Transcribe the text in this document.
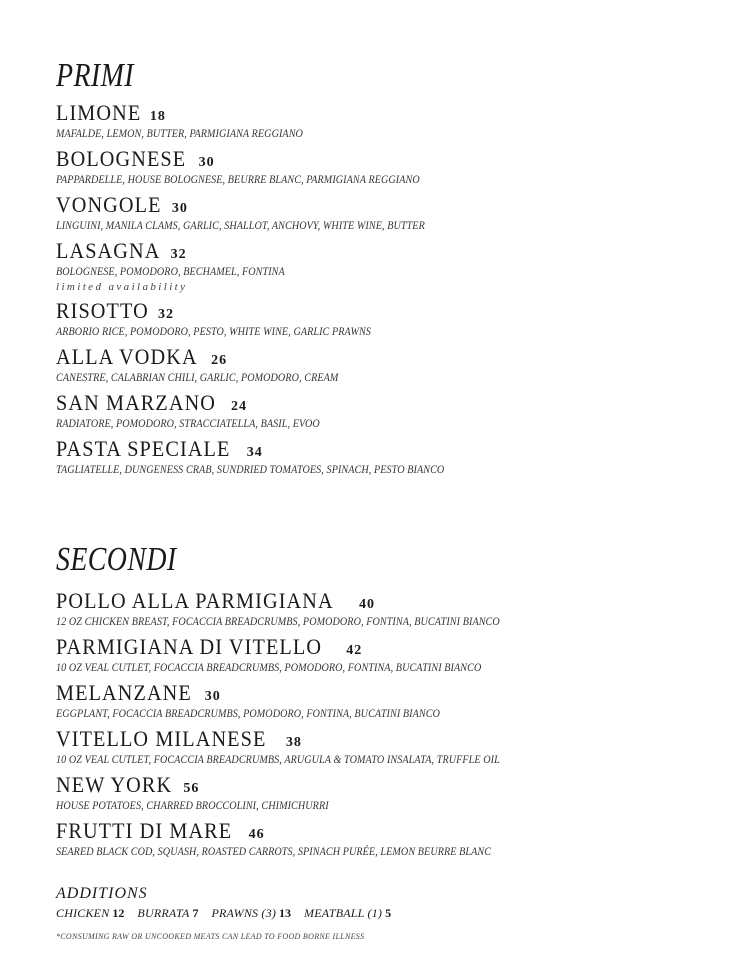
PRIMI
LIMONE 18
MAFALDE, LEMON, BUTTER, PARMIGIANA REGGIANO
BOLOGNESE 30
PAPPARDELLE, HOUSE BOLOGNESE, BEURRE BLANC, PARMIGIANA REGGIANO
VONGOLE 30
LINGUINI, MANILA CLAMS, GARLIC, SHALLOT, ANCHOVY, WHITE WINE, BUTTER
LASAGNA 32
BOLOGNESE, POMODORO, BECHAMEL, FONTINA
limited availability
RISOTTO 32
ARBORIO RICE, POMODORO, PESTO, WHITE WINE, GARLIC PRAWNS
ALLA VODKA 26
CANESTRE, CALABRIAN CHILI, GARLIC, POMODORO, CREAM
SAN MARZANO 24
RADIATORE, POMODORO, STRACCIATELLA, BASIL, EVOO
PASTA SPECIALE 34
TAGLIATELLE, DUNGENESS CRAB, SUNDRIED TOMATOES, SPINACH, PESTO BIANCO
SECONDI
POLLO ALLA PARMIGIANA 40
12 OZ CHICKEN BREAST, FOCACCIA BREADCRUMBS, POMODORO, FONTINA, BUCATINI BIANCO
PARMIGIANA DI VITELLO 42
10 OZ VEAL CUTLET, FOCACCIA BREADCRUMBS, POMODORO, FONTINA, BUCATINI BIANCO
MELANZANE 30
EGGPLANT, FOCACCIA BREADCRUMBS, POMODORO, FONTINA, BUCATINI BIANCO
VITELLO MILANESE 38
10 OZ VEAL CUTLET, FOCACCIA BREADCRUMBS, ARUGULA & TOMATO INSALATA, TRUFFLE OIL
NEW YORK 56
HOUSE POTATOES, CHARRED BROCCOLINI, CHIMICHURRI
FRUTTI DI MARE 46
SEARED BLACK COD, SQUASH, ROASTED CARROTS, SPINACH PURÉE, LEMON BEURRE BLANC
ADDITIONS
CHICKEN 12 BURRATA 7 PRAWNS (3) 13 MEATBALL (1) 5
*CONSUMING RAW OR UNCOOKED MEATS CAN LEAD TO FOOD BORNE ILLNESS
